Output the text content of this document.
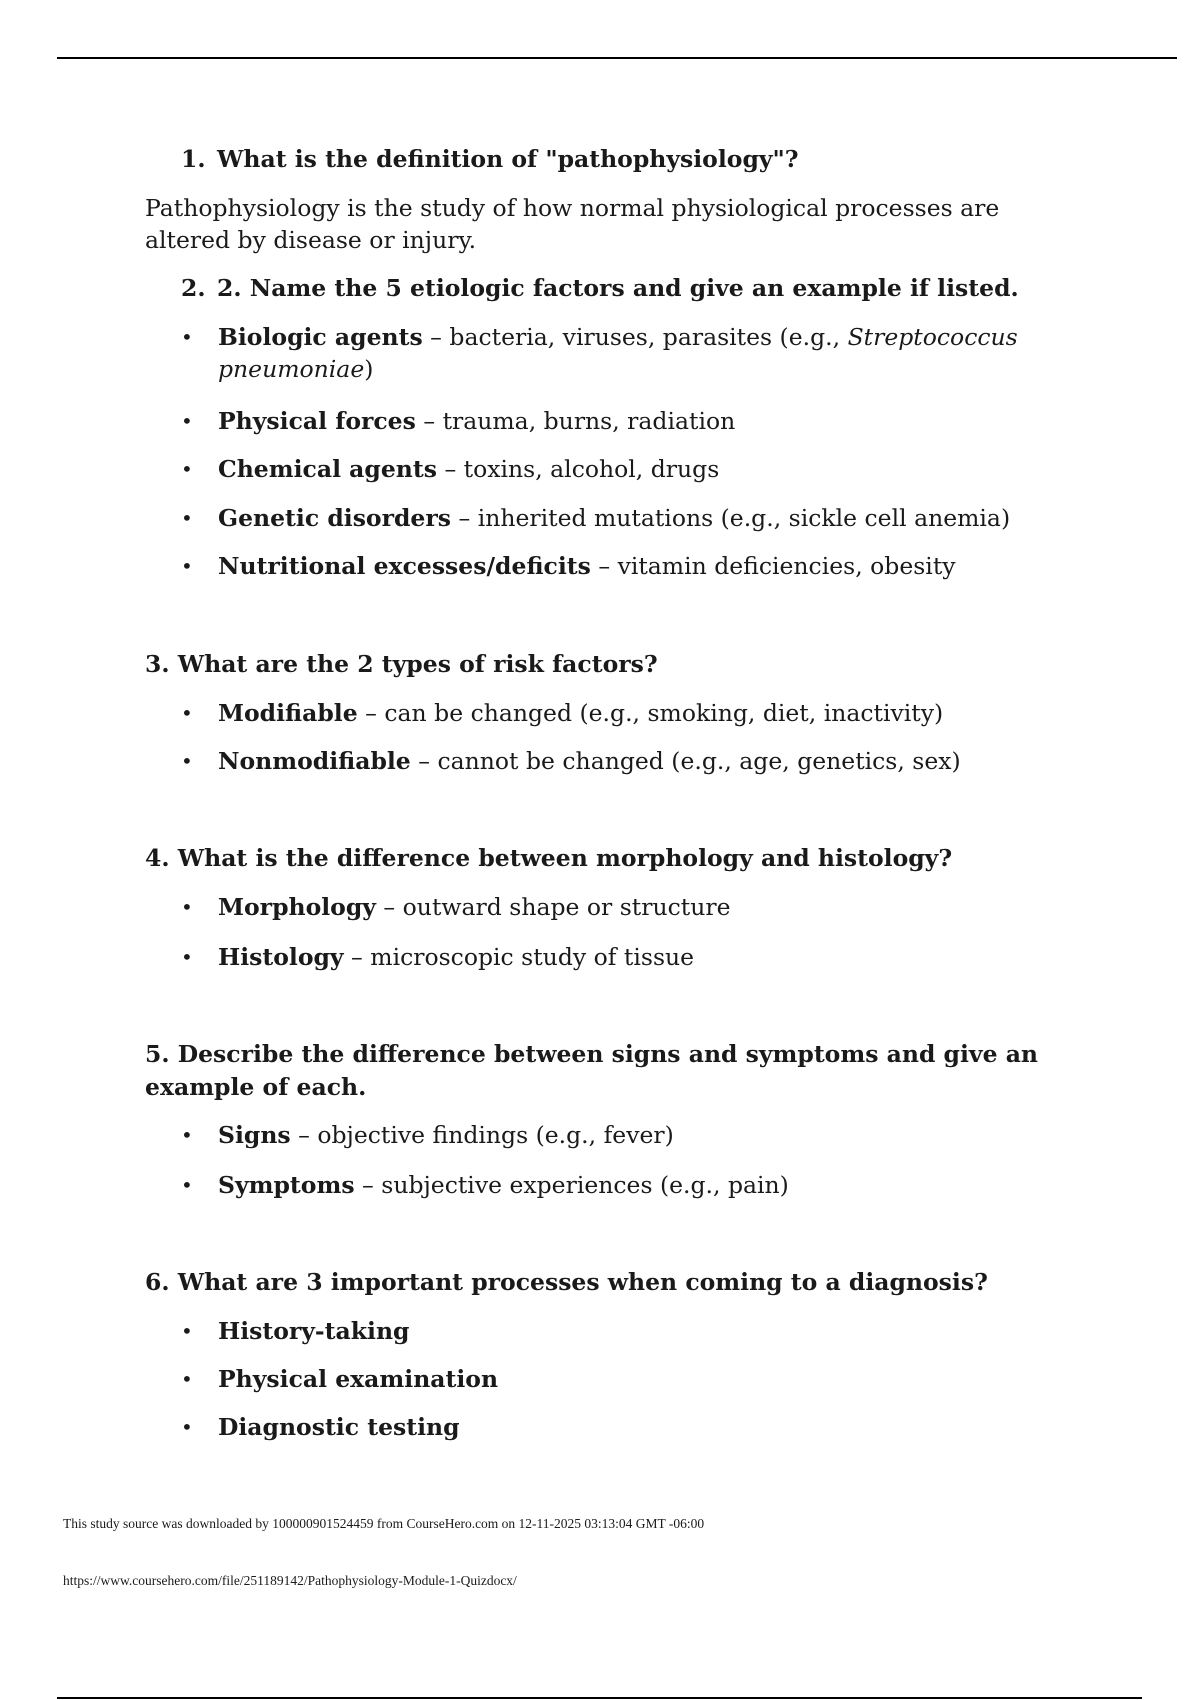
1. What is the definition of "pathophysiology"?

Pathophysiology is the study of how normal physiological processes are altered by disease or injury.

2. 2. Name the 5 etiologic factors and give an example if listed.
• Biologic agents – bacteria, viruses, parasites (e.g., Streptococcus pneumoniae)
• Physical forces – trauma, burns, radiation
• Chemical agents – toxins, alcohol, drugs
• Genetic disorders – inherited mutations (e.g., sickle cell anemia)
• Nutritional excesses/deficits – vitamin deficiencies, obesity
3. What are the 2 types of risk factors?
• Modifiable – can be changed (e.g., smoking, diet, inactivity)
• Nonmodifiable – cannot be changed (e.g., age, genetics, sex)
4. What is the difference between morphology and histology?
• Morphology – outward shape or structure
• Histology – microscopic study of tissue
5. Describe the difference between signs and symptoms and give an example of each.
• Signs – objective findings (e.g., fever)
• Symptoms – subjective experiences (e.g., pain)
6. What are 3 important processes when coming to a diagnosis?
• History-taking
• Physical examination
• Diagnostic testing
This study source was downloaded by 100000901524459 from CourseHero.com on 12-11-2025 03:13:04 GMT -06:00
https://www.coursehero.com/file/251189142/Pathophysiology-Module-1-Quizdocx/
